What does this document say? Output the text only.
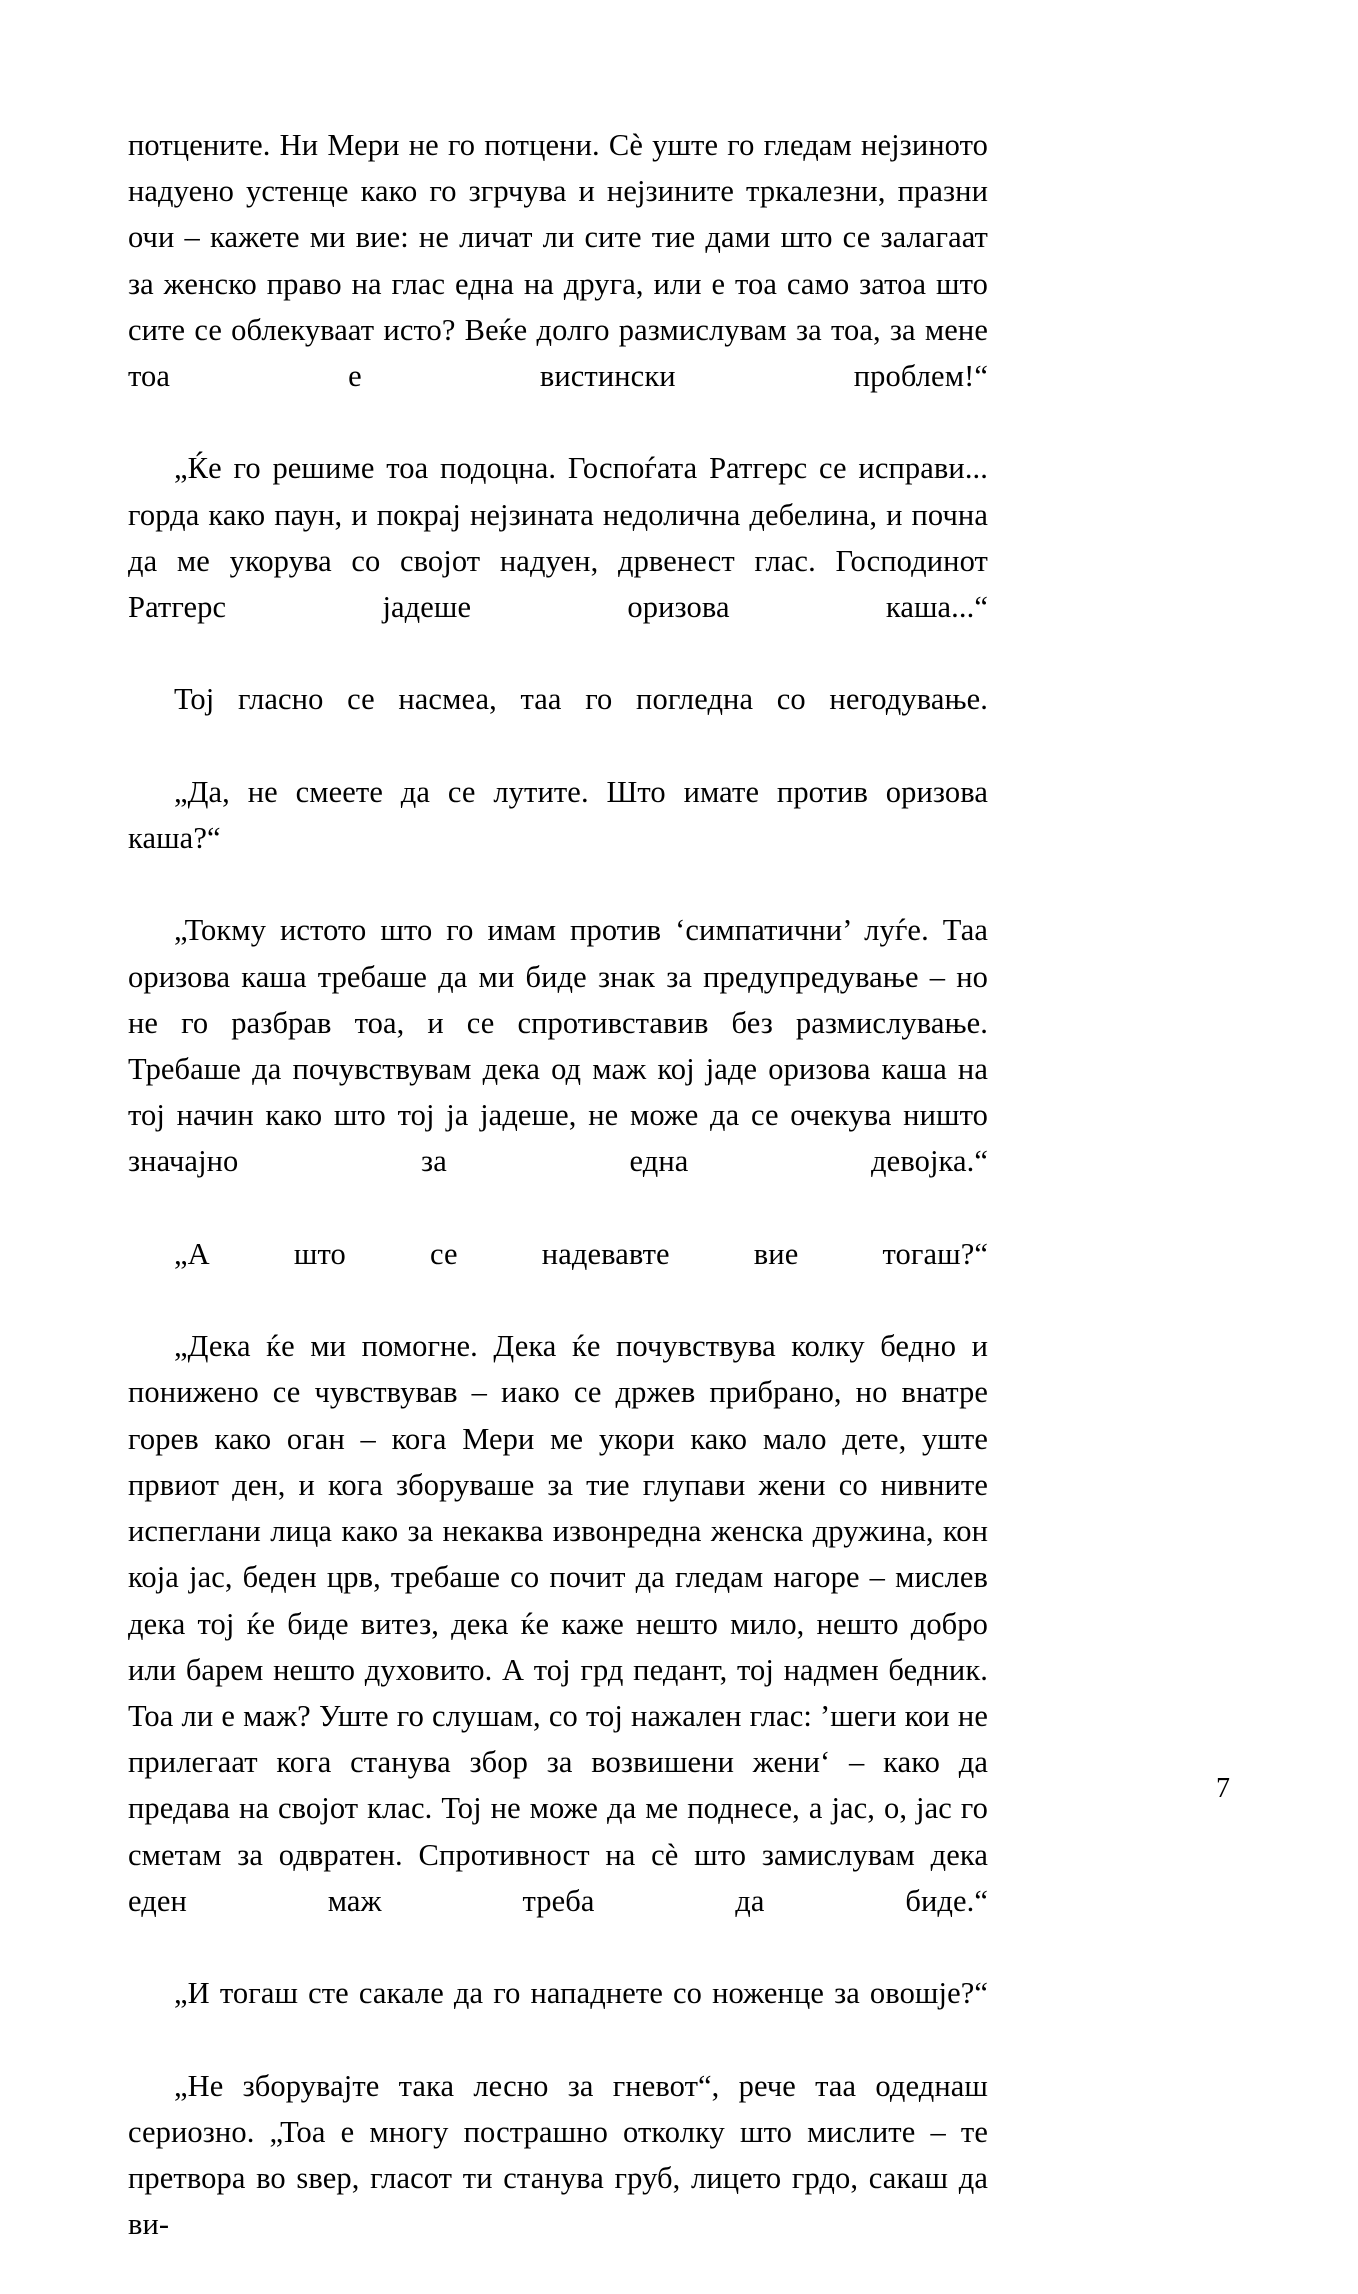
потцените. Ни Мери не го потцени. Сѐ уште го гледам нејзиното надуено устенце како го згрчува и нејзините тркалезни, празни очи – кажете ми вие: не личат ли сите тие дами што се залагаат за женско право на глас една на друга, или е тоа само затоа што сите се облекуваат исто? Веќе долго размислувам за тоа, за мене тоа е вистински проблем!“

„Ќе го решиме тоа подоцна. Госпоѓата Ратгерс се исправи... горда како паун, и покрај нејзината недолична дебелина, и почна да ме укорува со својот надуен, дрвенест глас. Господинот Ратгерс јадеше оризова каша...“

Тој гласно се насмеа, таа го погледна со негодување.

„Да, не смеете да се лутите. Што имате против оризова каша?“

„Токму истото што го имам против ‘симпатични’ луѓе. Таа оризова каша требаше да ми биде знак за предупредување – но не го разбрав тоа, и се спротивставив без размислување. Требаше да почувствувам дека од маж кој јаде оризова каша на тој начин како што тој ја јадеше, не може да се очекува ништо значајно за една девојка.“

„А што се надевавте вие тогаш?“

„Дека ќе ми помогне. Дека ќе почувствува колку бедно и понижено се чувствував – иако се држев прибрано, но внатре горев како оган – кога Мери ме укори како мало дете, уште првиот ден, и кога зборуваше за тие глупави жени со нивните испеглани лица како за некаква извонредна женска дружина, кон која јас, беден црв, требаше со почит да гледам нагоре – мислев дека тој ќе биде витез, дека ќе каже нешто мило, нешто добро или барем нешто духовито. А тој грд педант, тој надмен бедник. Тоа ли е маж? Уште го слушам, со тој нажален глас: ’шеги кои не прилегаат кога станува збор за возвишени жени‘ – како да предава на својот клас. Тој не може да ме поднесе, а јас, о, јас го сметам за одвратен. Спротивност на сѐ што замислувам дека еден маж треба да биде.“

„И тогаш сте сакале да го нападнете со ноженце за овошје?“

„Не зборувајте така лесно за гневот“, рече таа одеднаш сериозно. „Тоа е многу пострашно отколку што мислите – те претвора во ѕвер, гласот ти станува груб, лицето грдо, сакаш да ви-

7
